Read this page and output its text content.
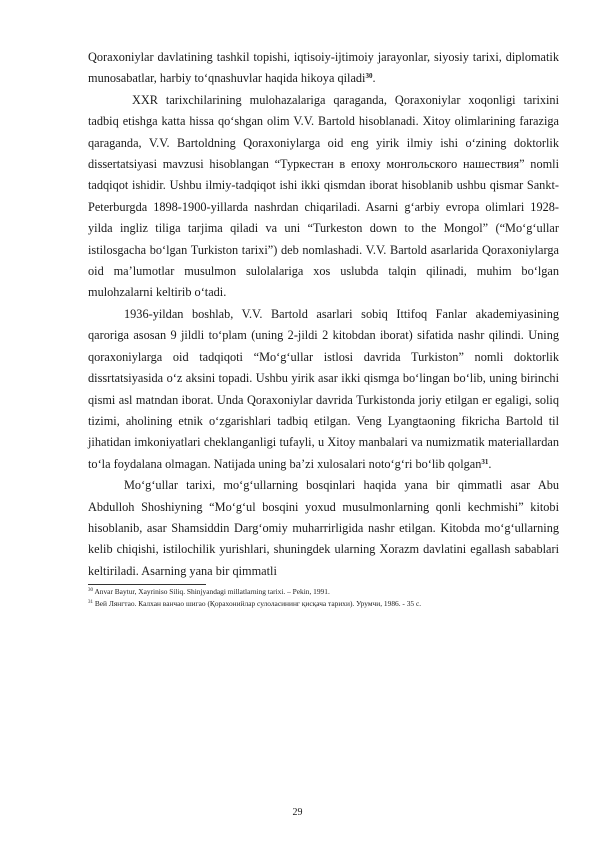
Qoraxoniylar davlatining tashkil topishi, iqtisoiy-ijtimoiy jarayonlar, siyosiy tarixi, diplomatik munosabatlar, harbiy to‘qnashuvlar haqida hikoya qiladi$^{30}$.

XXR tarixchilarining mulohazalariga qaraganda, Qoraxoniylar xoqonligi tarixini tadbiq etishga katta hissa qo‘shgan olim V.V. Bartold hisoblanadi. Xitoy olimlarining faraziga qaraganda, V.V. Bartoldning Qoraxoniylarga oid eng yirik ilmiy ishi o‘zining doktorlik dissertatsiyasi mavzusi hisoblangan “Туркестан в епоху монгольского нашествия” nomli tadqiqot ishidir. Ushbu ilmiy-tadqiqot ishi ikki qismdan iborat hisoblanib ushbu qismar Sankt-Peterburgda 1898-1900-yillarda nashrdan chiqariladi. Asarni g‘arbiy evropa olimlari 1928-yilda ingliz tiliga tarjima qiladi va uni “Turkeston down to the Mongol” (“Mo‘g‘ullar istilosgacha bo‘lgan Turkiston tarixi”) deb nomlashadi. V.V. Bartold asarlarida Qoraxoniylarga oid ma’lumotlar musulmon sulolalariga xos uslubda talqin qilinadi, muhim bo‘lgan mulohzalarni keltirib o‘tadi.

1936-yildan boshlab, V.V. Bartold asarlari sobiq Ittifoq Fanlar akademiyasining qaroriga asosan 9 jildli to‘plam (uning 2-jildi 2 kitobdan iborat) sifatida nashr qilindi. Uning qoraxoniylarga oid tadqiqoti “Mo‘g‘ullar istlosi davrida Turkiston” nomli doktorlik dissrtatsiyasida o‘z aksini topadi. Ushbu yirik asar ikki qismga bo‘lingan bo‘lib, uning birinchi qismi asl matndan iborat. Unda Qoraxoniylar davrida Turkistonda joriy etilgan er egaligi, soliq tizimi, aholining etnik o‘zgarishlari tadbiq etilgan. Veng Lyangtaoning fikricha Bartold til jihatidan imkoniyatlari cheklanganligi tufayli, u Xitoy manbalari va numizmatik materiallardan to‘la foydalana olmagan. Natijada uning ba’zi xulosalari noto‘g‘ri bo‘lib qolgan$^{31}$.

Mo‘g‘ullar tarixi, mo‘g‘ullarning bosqinlari haqida yana bir qimmatli asar Abu Abdulloh Shoshiyning “Mo‘g‘ul bosqini yoxud musulmonlarning qonli kechmishi” kitobi hisoblanib, asar Shamsiddin Darg‘omiy muharrirligida nashr etilgan. Kitobda mo‘g‘ullarning kelib chiqishi, istilochilik yurishlari, shuningdek ularning Xorazm davlatini egallash sabablari keltiriladi. Asarning yana bir qimmatli

$^{30}$ Anvar Baytur, Xayriniso Siliq. Shinjyandagi millatlarning tarixi. – Pekin, 1991.

$^{31}$ Вей Лянгтао. Калхан ванчао шигао (Қорахонийлар сулоласининг қисқача тарихи). Урумчи, 1986. - 35 с.

29
